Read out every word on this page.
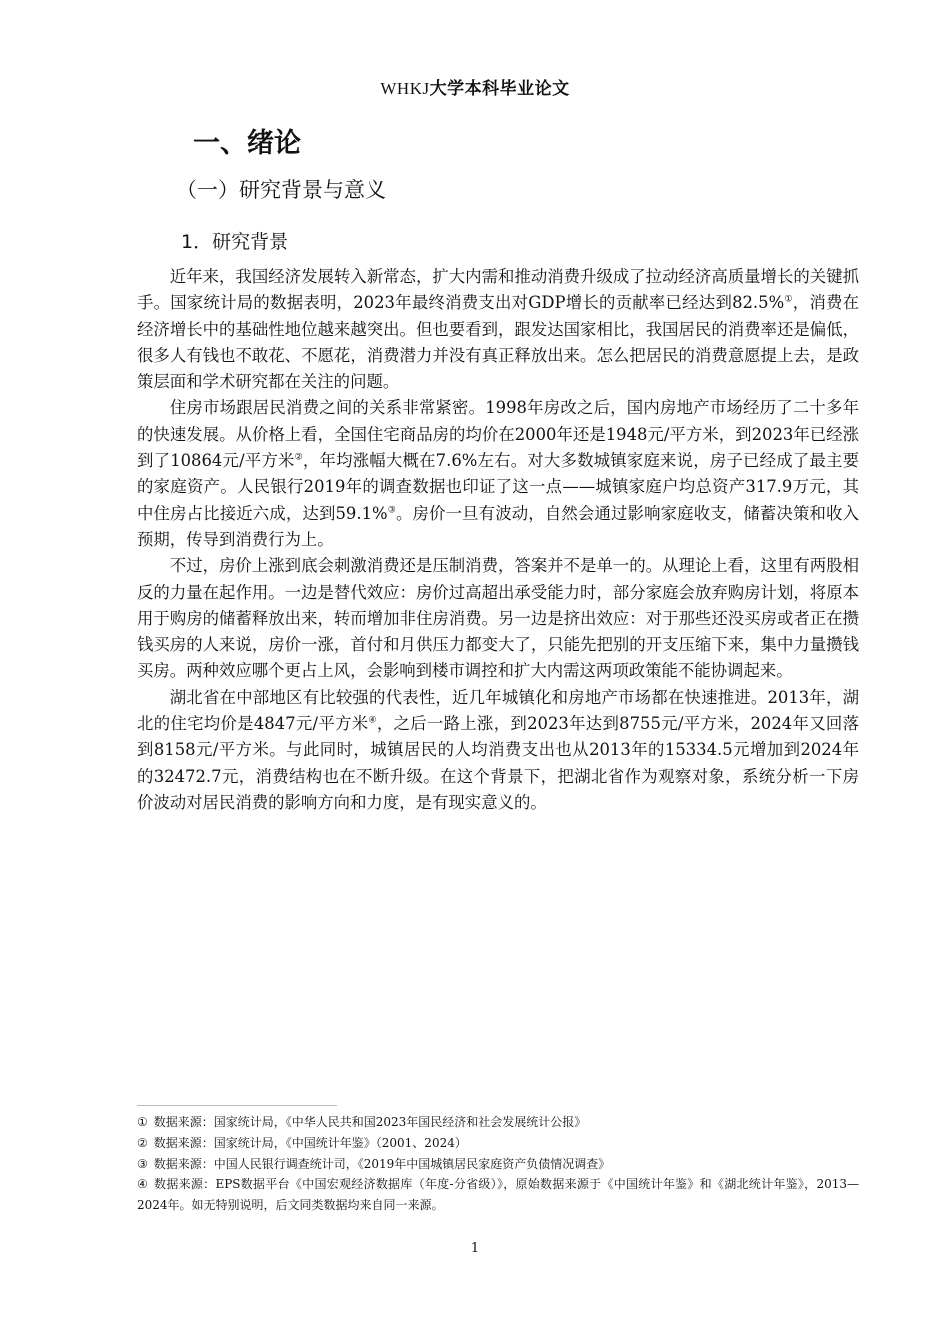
WHKJ大学本科毕业论文
一、绪论
（一）研究背景与意义
1．研究背景

近年来，我国经济发展转入新常态，扩大内需和推动消费升级成了拉动经济高质量增长的关键抓手。国家统计局的数据表明，2023年最终消费支出对GDP增长的贡献率已经达到82.5%①，消费在经济增长中的基础性地位越来越突出。但也要看到，跟发达国家相比，我国居民的消费率还是偏低，很多人有钱也不敢花、不愿花，消费潜力并没有真正释放出来。怎么把居民的消费意愿提上去，是政策层面和学术研究都在关注的问题。

住房市场跟居民消费之间的关系非常紧密。1998年房改之后，国内房地产市场经历了二十多年的快速发展。从价格上看，全国住宅商品房的均价在2000年还是1948元/平方米，到2023年已经涨到了10864元/平方米②，年均涨幅大概在7.6%左右。对大多数城镇家庭来说，房子已经成了最主要的家庭资产。人民银行2019年的调查数据也印证了这一点——城镇家庭户均总资产317.9万元，其中住房占比接近六成，达到59.1%③。房价一旦有波动，自然会通过影响家庭收支，储蓄决策和收入预期，传导到消费行为上。

不过，房价上涨到底会刺激消费还是压制消费，答案并不是单一的。从理论上看，这里有两股相反的力量在起作用。一边是替代效应：房价过高超出承受能力时，部分家庭会放弃购房计划，将原本用于购房的储蓄释放出来，转而增加非住房消费。另一边是挤出效应：对于那些还没买房或者正在攒钱买房的人来说，房价一涨，首付和月供压力都变大了，只能先把别的开支压缩下来，集中力量攒钱买房。两种效应哪个更占上风，会影响到楼市调控和扩大内需这两项政策能不能协调起来。

湖北省在中部地区有比较强的代表性，近几年城镇化和房地产市场都在快速推进。2013年，湖北的住宅均价是4847元/平方米④，之后一路上涨，到2023年达到8755元/平方米，2024年又回落到8158元/平方米。与此同时，城镇居民的人均消费支出也从2013年的15334.5元增加到2024年的32472.7元，消费结构也在不断升级。在这个背景下，把湖北省作为观察对象，系统分析一下房价波动对居民消费的影响方向和力度，是有现实意义的。

① 数据来源：国家统计局，《中华人民共和国2023年国民经济和社会发展统计公报》

② 数据来源：国家统计局，《中国统计年鉴》（2001、2024）

③ 数据来源：中国人民银行调查统计司，《2019年中国城镇居民家庭资产负债情况调查》

④ 数据来源：EPS数据平台《中国宏观经济数据库（年度-分省级）》，原始数据来源于《中国统计年鉴》和《湖北统计年鉴》，2013—2024年。如无特别说明，后文同类数据均来自同一来源。

1
